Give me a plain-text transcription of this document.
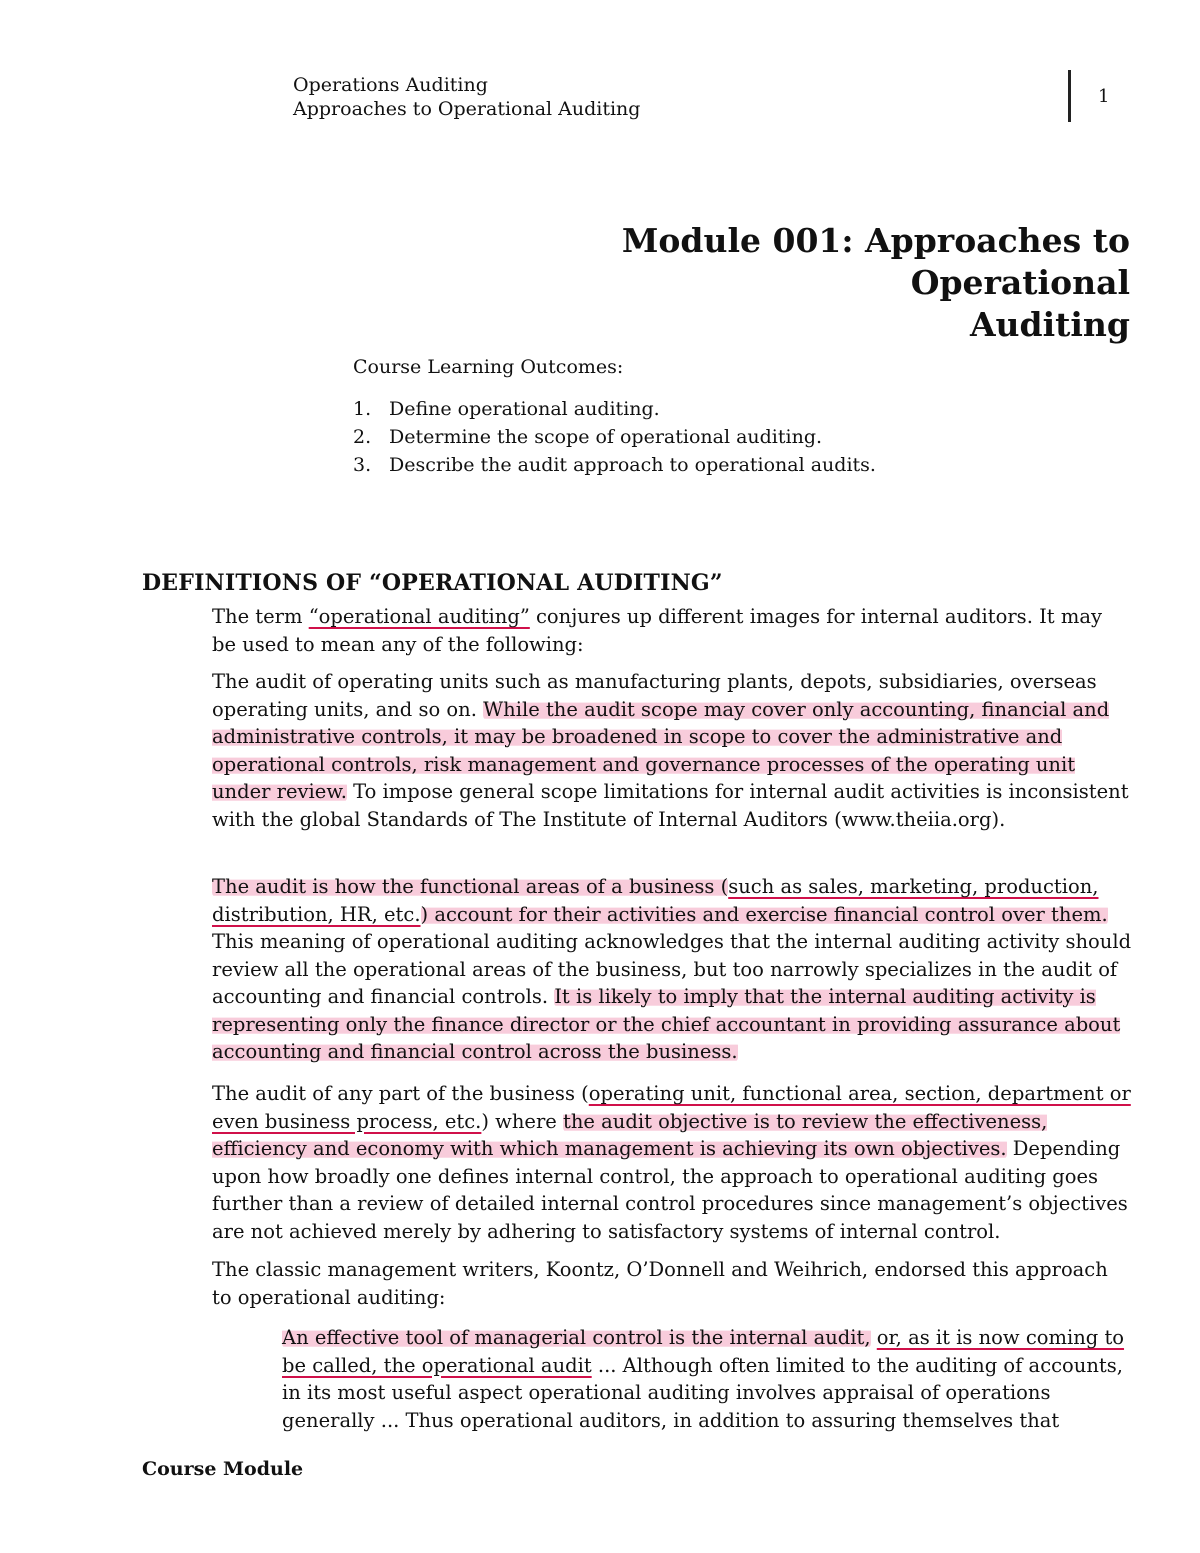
Operations Auditing
Approaches to Operational Auditing
1
Module 001: Approaches to Operational
Auditing
Course Learning Outcomes:
1. Define operational auditing.
2. Determine the scope of operational auditing.
3. Describe the audit approach to operational audits.
DEFINITIONS OF “OPERATIONAL AUDITING”

The term “operational auditing” conjures up different images for internal auditors. It may be used to mean any of the following:

The audit of operating units such as manufacturing plants, depots, subsidiaries, overseas operating units, and so on. While the audit scope may cover only accounting, financial and administrative controls, it may be broadened in scope to cover the administrative and operational controls, risk management and governance processes of the operating unit under review. To impose general scope limitations for internal audit activities is inconsistent with the global Standards of The Institute of Internal Auditors (www.theiia.org).

The audit is how the functional areas of a business (such as sales, marketing, production, distribution, HR, etc.) account for their activities and exercise financial control over them. This meaning of operational auditing acknowledges that the internal auditing activity should review all the operational areas of the business, but too narrowly specializes in the audit of accounting and financial controls. It is likely to imply that the internal auditing activity is representing only the finance director or the chief accountant in providing assurance about accounting and financial control across the business.

The audit of any part of the business (operating unit, functional area, section, department or even business process, etc.) where the audit objective is to review the effectiveness, efficiency and economy with which management is achieving its own objectives. Depending upon how broadly one defines internal control, the approach to operational auditing goes further than a review of detailed internal control procedures since management’s objectives are not achieved merely by adhering to satisfactory systems of internal control.

The classic management writers, Koontz, O’Donnell and Weihrich, endorsed this approach to operational auditing:

An effective tool of managerial control is the internal audit, or, as it is now coming to be called, the operational audit ... Although often limited to the auditing of accounts, in its most useful aspect operational auditing involves appraisal of operations generally ... Thus operational auditors, in addition to assuring themselves that

Course Module
